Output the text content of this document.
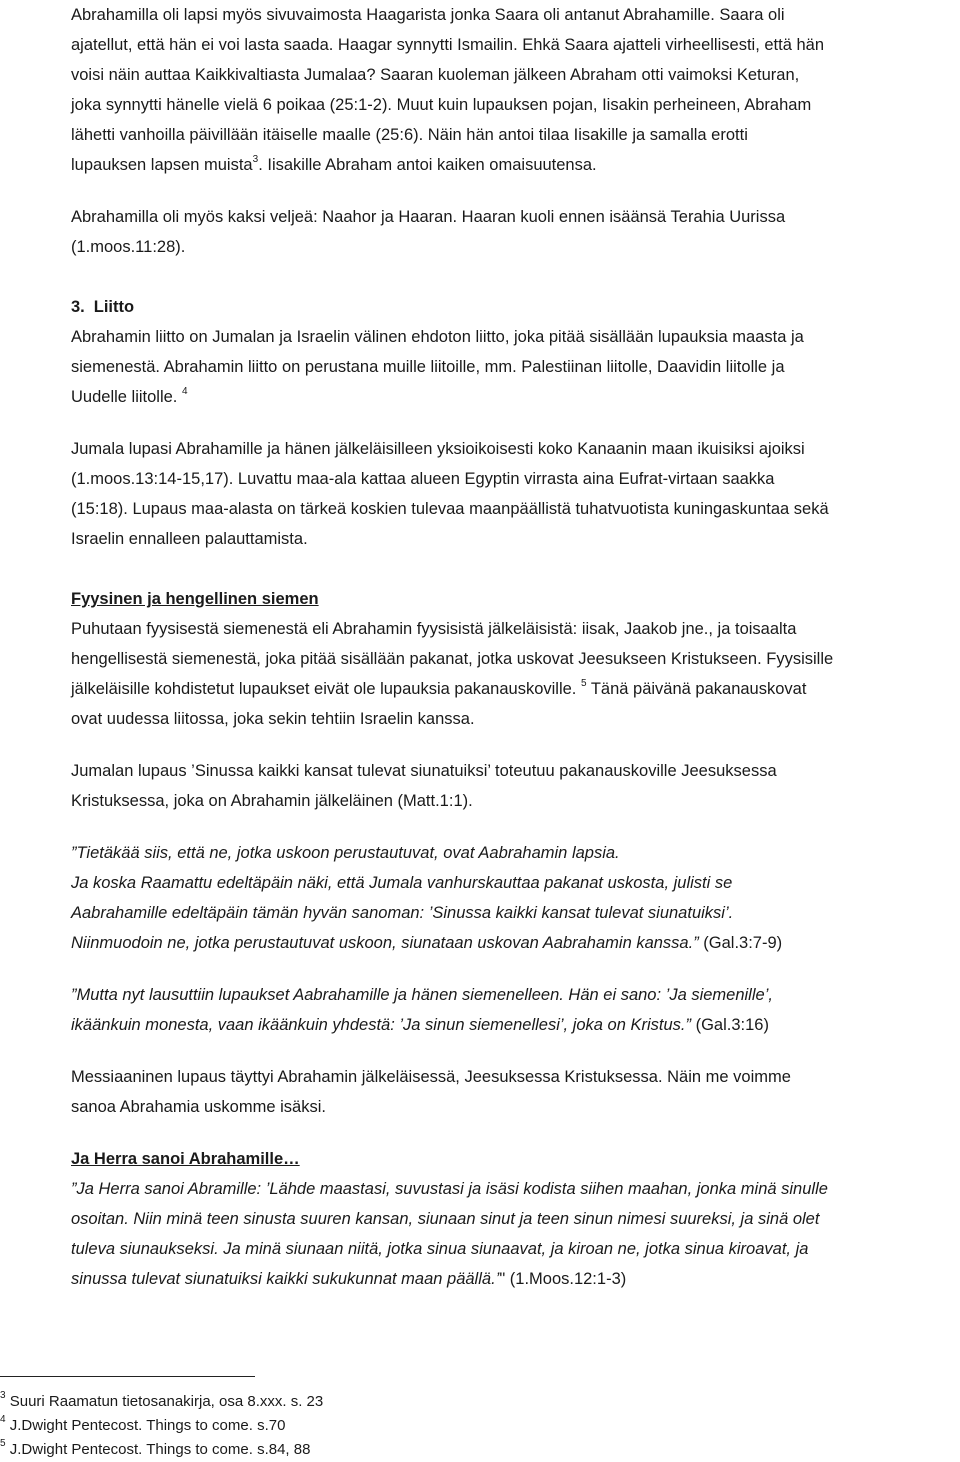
Abrahamilla oli lapsi myös sivuvaimosta Haagarista jonka Saara oli antanut Abrahamille. Saara oli

ajatellut, että hän ei voi lasta saada. Haagar synnytti Ismailin. Ehkä Saara ajatteli virheellisesti, että hän

voisi näin auttaa Kaikkivaltiasta Jumalaa? Saaran kuoleman jälkeen Abraham otti vaimoksi Keturan,

joka synnytti hänelle vielä 6 poikaa (25:1-2). Muut kuin lupauksen pojan, Iisakin perheineen, Abraham

lähetti vanhoilla päivillään itäiselle maalle (25:6). Näin hän antoi tilaa Iisakille ja samalla erotti

lupauksen lapsen muista$^3$. Iisakille Abraham antoi kaiken omaisuutensa.

Abrahamilla oli myös kaksi veljeä: Naahor ja Haaran. Haaran kuoli ennen isäänsä Terahia Uurissa

(1.moos.11:28).

3. Liitto

Abrahamin liitto on Jumalan ja Israelin välinen ehdoton liitto, joka pitää sisällään lupauksia maasta ja

siemenestä. Abrahamin liitto on perustana muille liitoille, mm. Palestiinan liitolle, Daavidin liitolle ja

Uudelle liitolle. $^4$

Jumala lupasi Abrahamille ja hänen jälkeläisilleen yksioikoisesti koko Kanaanin maan ikuisiksi ajoiksi

(1.moos.13:14-15,17). Luvattu maa-ala kattaa alueen Egyptin virrasta aina Eufrat-virtaan saakka

(15:18). Lupaus maa-alasta on tärkeä koskien tulevaa maanpäällistä tuhatvuotista kuningaskuntaa sekä

Israelin ennalleen palauttamista.

Fyysinen ja hengellinen siemen

Puhutaan fyysisestä siemenestä eli Abrahamin fyysisistä jälkeläisistä: iisak, Jaakob jne., ja toisaalta

hengellisestä siemenestä, joka pitää sisällään pakanat, jotka uskovat Jeesukseen Kristukseen. Fyysisille

jälkeläisille kohdistetut lupaukset eivät ole lupauksia pakanauskoville. $^5$ Tänä päivänä pakanauskovat

ovat uudessa liitossa, joka sekin tehtiin Israelin kanssa.

Jumalan lupaus ’Sinussa kaikki kansat tulevat siunatuiksi’ toteutuu pakanauskoville Jeesuksessa

Kristuksessa, joka on Abrahamin jälkeläinen (Matt.1:1).

”Tietäkää siis, että ne, jotka uskoon perustautuvat, ovat Aabrahamin lapsia.

Ja koska Raamattu edeltäpäin näki, että Jumala vanhurskauttaa pakanat uskosta, julisti se

Aabrahamille edeltäpäin tämän hyvän sanoman: ’Sinussa kaikki kansat tulevat siunatuiksi’.

Niinmuodoin ne, jotka perustautuvat uskoon, siunataan uskovan Aabrahamin kanssa.” (Gal.3:7-9)

”Mutta nyt lausuttiin lupaukset Aabrahamille ja hänen siemenelleen. Hän ei sano: ’Ja siemenille’,

ikäänkuin monesta, vaan ikäänkuin yhdestä: ’Ja sinun siemenellesi’, joka on Kristus.” (Gal.3:16)

Messiaaninen lupaus täyttyi Abrahamin jälkeläisessä, Jeesuksessa Kristuksessa. Näin me voimme

sanoa Abrahamia uskomme isäksi.

Ja Herra sanoi Abrahamille…

”Ja Herra sanoi Abramille: ’Lähde maastasi, suvustasi ja isäsi kodista siihen maahan, jonka minä sinulle

osoitan. Niin minä teen sinusta suuren kansan, siunaan sinut ja teen sinun nimesi suureksi, ja sinä olet

tuleva siunaukseksi. Ja minä siunaan niitä, jotka sinua siunaavat, ja kiroan ne, jotka sinua kiroavat, ja

sinussa tulevat siunatuiksi kaikki sukukunnat maan päällä.’" (1.Moos.12:1-3)

$^3$ Suuri Raamatun tietosanakirja, osa 8.xxx. s. 23

$^4$ J.Dwight Pentecost. Things to come. s.70

$^5$ J.Dwight Pentecost. Things to come. s.84, 88
